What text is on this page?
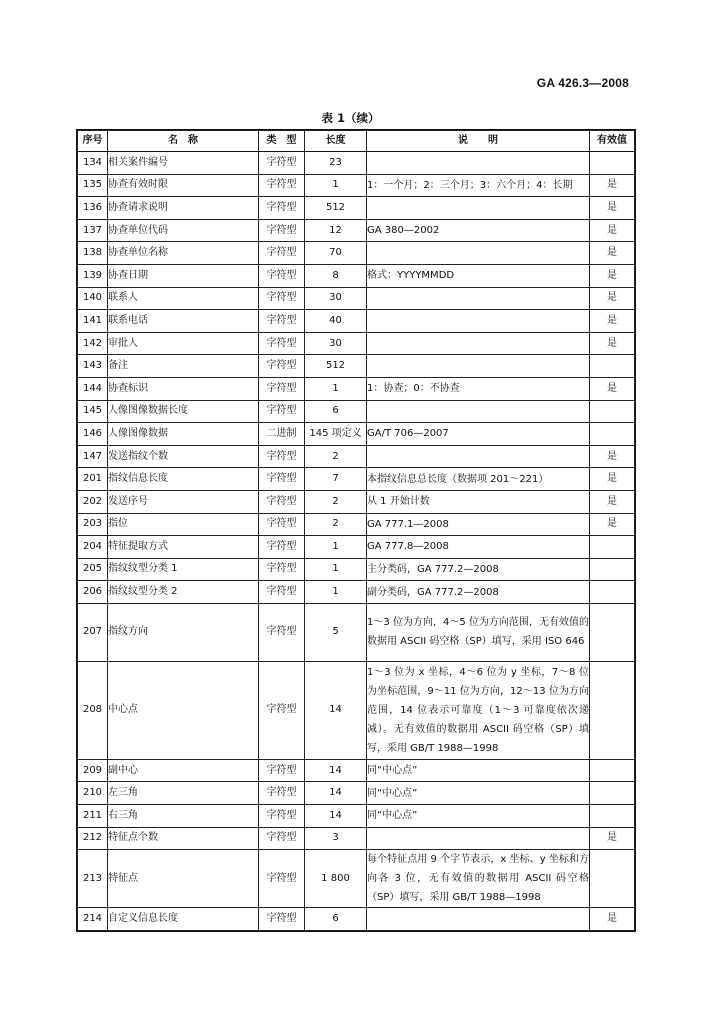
GA 426.3—2008
表 1（续）
序号	名　称	类　型	长度	说　　明	有效值
134	相关案件编号	字符型	23		
135	协查有效时限	字符型	1	1：一个月；2：三个月；3：六个月；4：长期	是
136	协查请求说明	字符型	512		是
137	协查单位代码	字符型	12	GA 380—2002	是
138	协查单位名称	字符型	70		是
139	协查日期	字符型	8	格式：YYYYMMDD	是
140	联系人	字符型	30		是
141	联系电话	字符型	40		是
142	审批人	字符型	30		是
143	备注	字符型	512		
144	协查标识	字符型	1	1：协查；0：不协查	是
145	人像图像数据长度	字符型	6		
146	人像图像数据	二进制	145 项定义	GA/T 706—2007	
147	发送指纹个数	字符型	2		是
201	指纹信息长度	字符型	7	本指纹信息总长度（数据项 201～221）	是
202	发送序号	字符型	2	从 1 开始计数	是
203	指位	字符型	2	GA 777.1—2008	是
204	特征提取方式	字符型	1	GA 777.8—2008	
205	指纹纹型分类 1	字符型	1	主分类码，GA 777.2—2008	
206	指纹纹型分类 2	字符型	1	副分类码，GA 777.2—2008	
207	指纹方向	字符型	5	1～3 位为方向，4～5 位为方向范围，无有效值的数据用 ASCII 码空格（SP）填写，采用 ISO 646	
208	中心点	字符型	14	1～3 位为 x 坐标，4～6 位为 y 坐标，7～8 位为坐标范围，9～11 位为方向，12～13 位为方向范围，14 位表示可靠度（1～3 可靠度依次递减）。无有效值的数据用 ASCII 码空格（SP）填写，采用 GB/T 1988—1998	
209	副中心	字符型	14	同“中心点”	
210	左三角	字符型	14	同“中心点”	
211	右三角	字符型	14	同“中心点”	
212	特征点个数	字符型	3		是
213	特征点	字符型	1 800	每个特征点用 9 个字节表示，x 坐标、y 坐标和方向各 3 位，无有效值的数据用 ASCII 码空格（SP）填写，采用 GB/T 1988—1998	
214	自定义信息长度	字符型	6		是
